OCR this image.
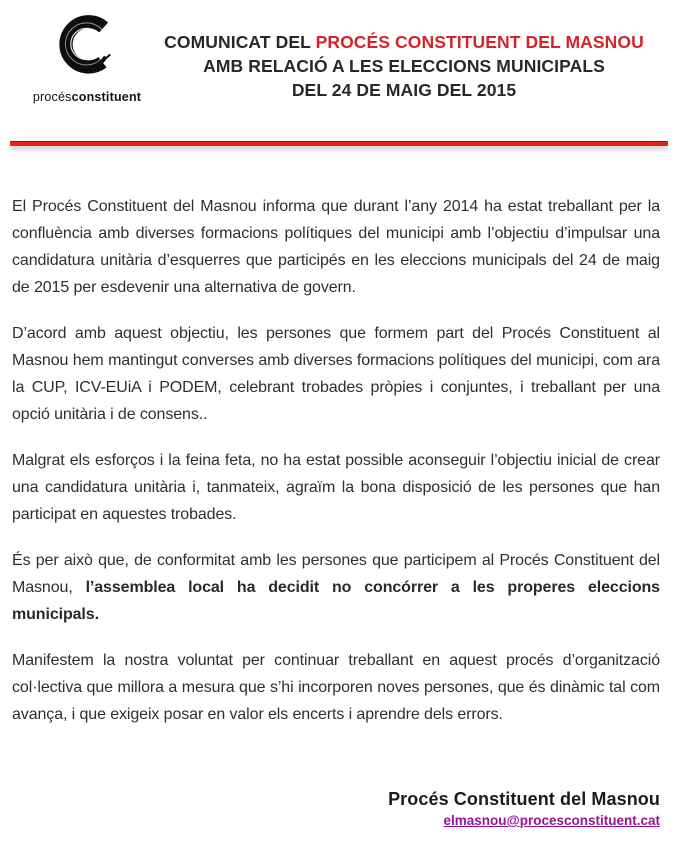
procésconstituent
COMUNICAT DEL PROCÉS CONSTITUENT DEL MASNOU
AMB RELACIÓ A LES ELECCIONS MUNICIPALS
DEL 24 DE MAIG DEL 2015

El Procés Constituent del Masnou informa que durant l’any 2014 ha estat treballant per la confluència amb diverses formacions polítiques del municipi amb l’objectiu d’impulsar una candidatura unitària d’esquerres que participés en les eleccions municipals del 24 de maig de 2015 per esdevenir una alternativa de govern.

D’acord amb aquest objectiu, les persones que formem part del Procés Constituent al Masnou hem mantingut converses amb diverses formacions polítiques del municipi, com ara la CUP, ICV-EUiA i PODEM, celebrant trobades pròpies i conjuntes, i treballant per una opció unitària i de consens..

Malgrat els esforços i la feina feta, no ha estat possible aconseguir l’objectiu inicial de crear una candidatura unitària i, tanmateix, agraïm la bona disposició de les persones que han participat en aquestes trobades.

És per això que, de conformitat amb les persones que participem al Procés Constituent del Masnou, l’assemblea local ha decidit no concórrer a les properes eleccions municipals.

Manifestem la nostra voluntat per continuar treballant en aquest procés d’organització col·lectiva que millora a mesura que s’hi incorporen noves persones, que és dinàmic tal com avança, i que exigeix posar en valor els encerts i aprendre dels errors.

Procés Constituent del Masnou
elmasnou@procesconstituent.cat
